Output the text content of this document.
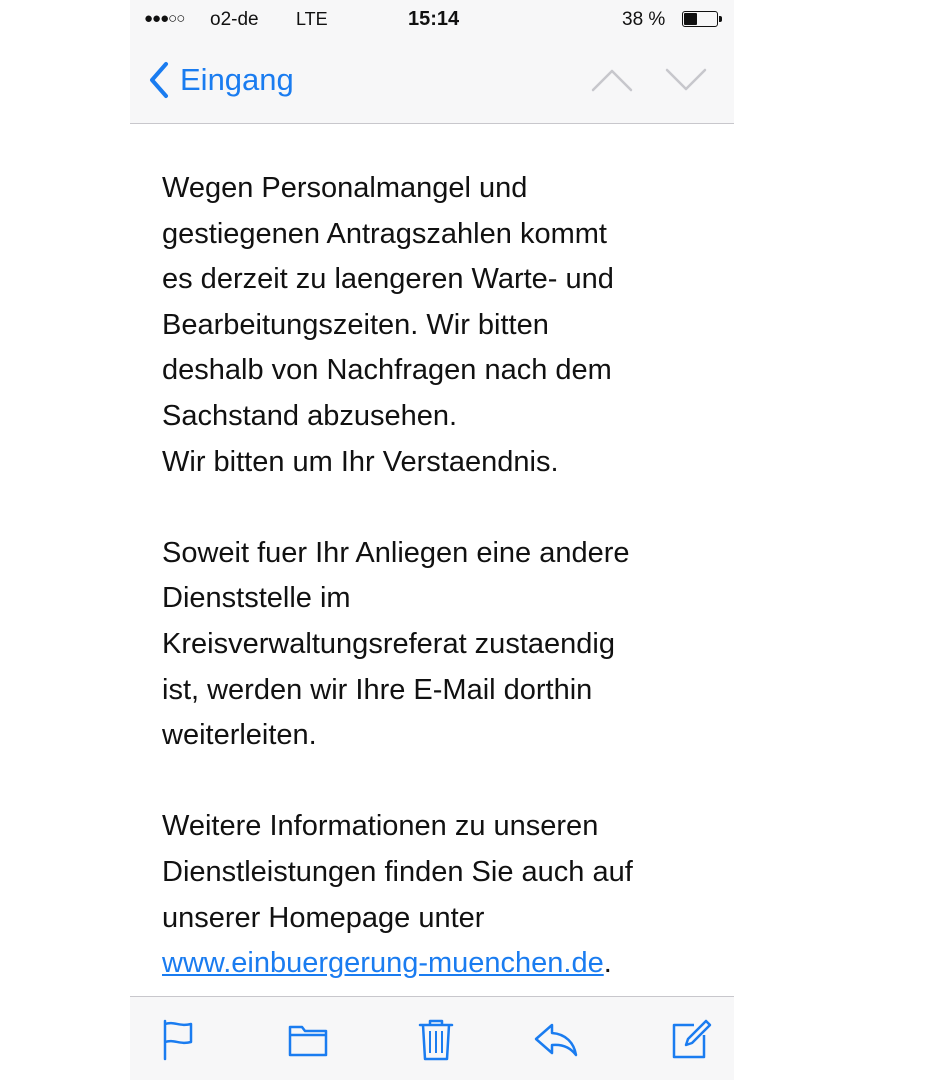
●●●○○ o2-de LTE	15:14	38 %
Eingang

Wegen Personalmangel und
gestiegenen Antragszahlen kommt
es derzeit zu laengeren Warte- und
Bearbeitungszeiten. Wir bitten
deshalb von Nachfragen nach dem
Sachstand abzusehen.
Wir bitten um Ihr Verstaendnis.

Soweit fuer Ihr Anliegen eine andere
Dienststelle im
Kreisverwaltungsreferat zustaendig
ist, werden wir Ihre E-Mail dorthin
weiterleiten.

Weitere Informationen zu unseren
Dienstleistungen finden Sie auch auf
unserer Homepage unter
www.einbuergerung-muenchen.de.
